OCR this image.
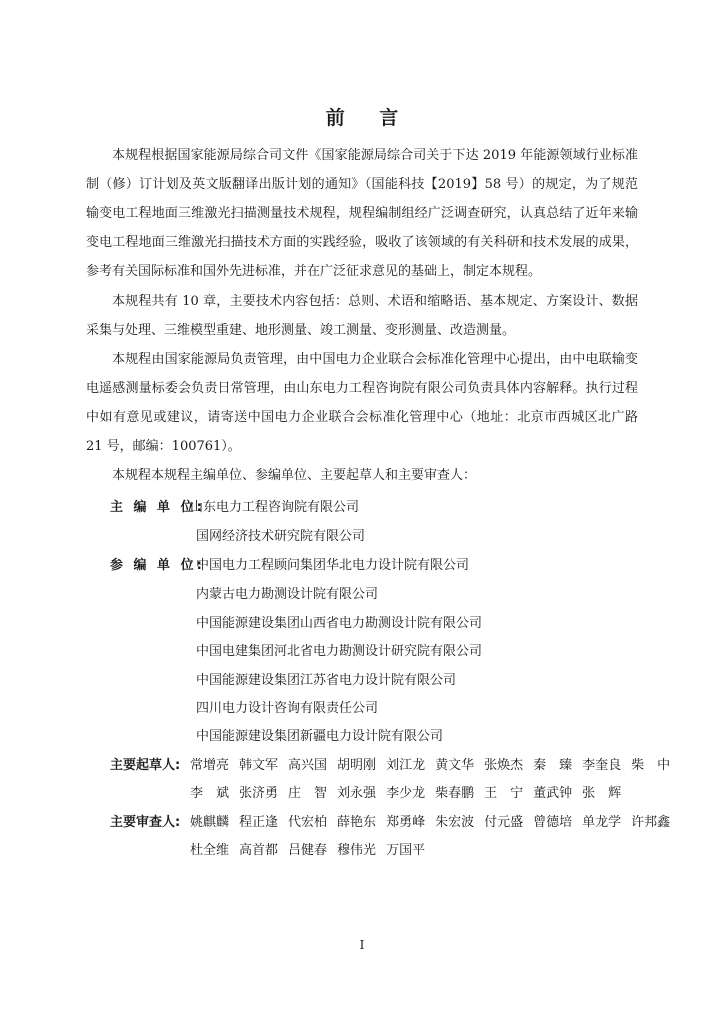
前 言

本规程根据国家能源局综合司文件《国家能源局综合司关于下达 2019 年能源领域行业标准制（修）订计划及英文版翻译出版计划的通知》（国能科技【2019】58 号）的规定，为了规范输变电工程地面三维激光扫描测量技术规程，规程编制组经广泛调查研究，认真总结了近年来输变电工程地面三维激光扫描技术方面的实践经验，吸收了该领域的有关科研和技术发展的成果，参考有关国际标准和国外先进标准，并在广泛征求意见的基础上，制定本规程。

本规程共有 10 章，主要技术内容包括：总则、术语和缩略语、基本规定、方案设计、数据采集与处理、三维模型重建、地形测量、竣工测量、变形测量、改造测量。

本规程由国家能源局负责管理，由中国电力企业联合会标准化管理中心提出，由中电联输变电遥感测量标委会负责日常管理，由山东电力工程咨询院有限公司负责具体内容解释。执行过程中如有意见或建议，请寄送中国电力企业联合会标准化管理中心（地址：北京市西城区北广路 21 号，邮编：100761）。

本规程本规程主编单位、参编单位、主要起草人和主要审查人：

主 编 单 位:
山东电力工程咨询院有限公司
国网经济技术研究院有限公司
参 编 单 位:
中国电力工程顾问集团华北电力设计院有限公司
内蒙古电力勘测设计院有限公司
中国能源建设集团山西省电力勘测设计院有限公司
中国电建集团河北省电力勘测设计研究院有限公司
中国能源建设集团江苏省电力设计院有限公司
四川电力设计咨询有限责任公司
中国能源建设集团新疆电力设计院有限公司
主要起草人: 常增亮 韩文军 高兴国 胡明刚 刘江龙 黄文华 张焕杰 秦　臻 李奎良 柴　中
李　斌 张济勇 庄　智 刘永强 李少龙 柴春鹏 王　宁 董武钟 张　辉
主要审查人: 姚麒麟 程正逢 代宏柏 薛艳东 郑勇峰 朱宏波 付元盛 曾德培 单龙学 许邦鑫
杜全维 高首都 吕健春 穆伟光 万国平
I
